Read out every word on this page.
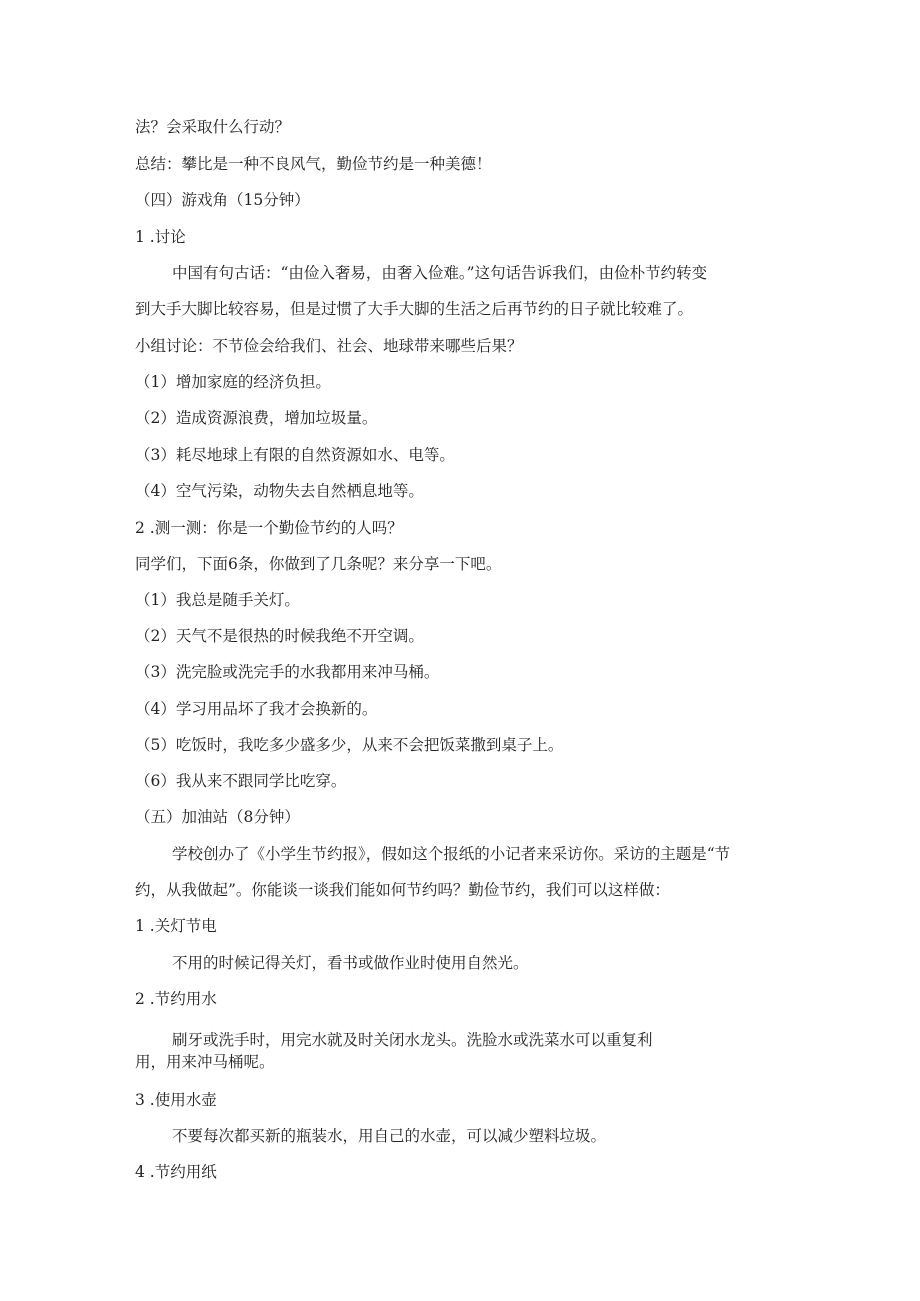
法？会采取什么行动？
总结：攀比是一种不良风气，勤俭节约是一种美德！
（四）游戏角（15分钟）
1 .讨论
中国有句古话：“由俭入奢易，由奢入俭难。”这句话告诉我们，由俭朴节约转变
到大手大脚比较容易，但是过惯了大手大脚的生活之后再节约的日子就比较难了。
小组讨论：不节俭会给我们、社会、地球带来哪些后果？
（1）增加家庭的经济负担。
（2）造成资源浪费，增加垃圾量。
（3）耗尽地球上有限的自然资源如水、电等。
（4）空气污染，动物失去自然栖息地等。
2 .测一测：你是一个勤俭节约的人吗？
同学们，下面6条，你做到了几条呢？来分享一下吧。
（1）我总是随手关灯。
（2）天气不是很热的时候我绝不开空调。
（3）洗完脸或洗完手的水我都用来冲马桶。
（4）学习用品坏了我才会换新的。
（5）吃饭时，我吃多少盛多少，从来不会把饭菜撒到桌子上。
（6）我从来不跟同学比吃穿。
（五）加油站（8分钟）
学校创办了《小学生节约报》，假如这个报纸的小记者来采访你。采访的主题是“节
约，从我做起”。你能谈一谈我们能如何节约吗？勤俭节约，我们可以这样做：
1 .关灯节电
不用的时候记得关灯，看书或做作业时使用自然光。
2 .节约用水
刷牙或洗手时，用完水就及时关闭水龙头。洗脸水或洗菜水可以重复利
用，用来冲马桶呢。
3 .使用水壶
不要每次都买新的瓶装水，用自己的水壶，可以减少塑料垃圾。
4 .节约用纸
